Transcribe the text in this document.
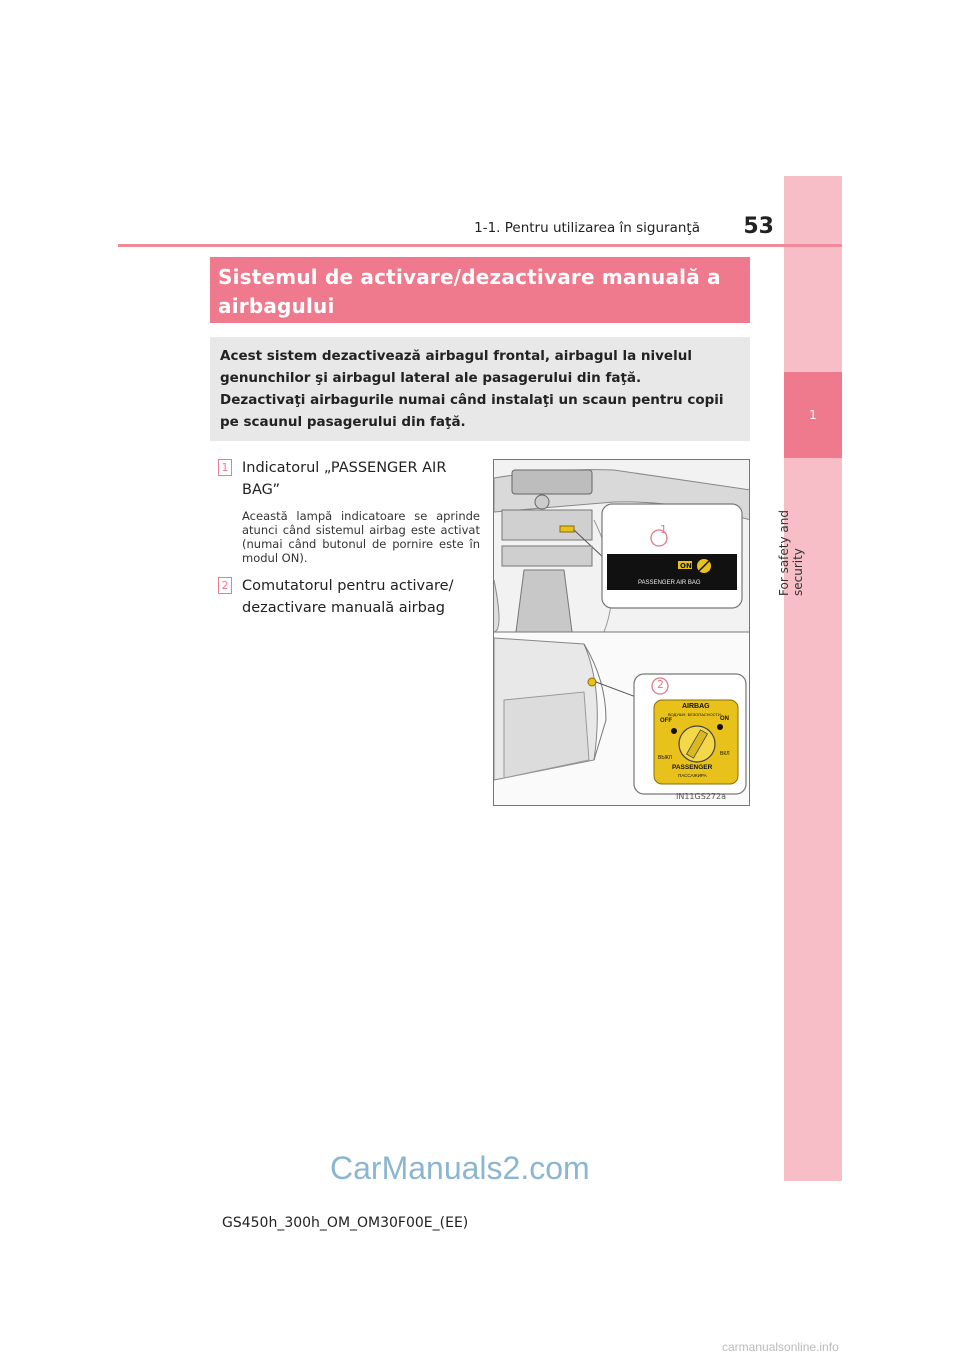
1
For safety and security
1-1. Pentru utilizarea în siguranţă 53
Sistemul de activare/dezactivare manuală a airbagului

Acest sistem dezactivează airbagul frontal, airbagul la nivelul genunchilor şi airbagul lateral ale pasagerului din faţă.

Dezactivaţi airbagurile numai când instalaţi un scaun pentru copii pe scaunul pasagerului din faţă.

1 Indicatorul „PASSENGER AIR BAG”
Această lampă indicatoare se aprinde atunci când sistemul airbag este activat (numai când butonul de pornire este în modul ON).
2 Comutatorul pentru activare/ dezactivare manuală airbag
1
ON
PASSENGER AIR BAG
2
AIRBAG
ВОДУШН. БЕЗОПАСНОСТИ
OFF
ВЫКЛ
ON
ВКЛ
PASSENGER
ПАССАЖИРА
IN11GS272a
CarManuals2.com
GS450h_300h_OM_OM30F00E_(EE)
carmanualsonline.info
